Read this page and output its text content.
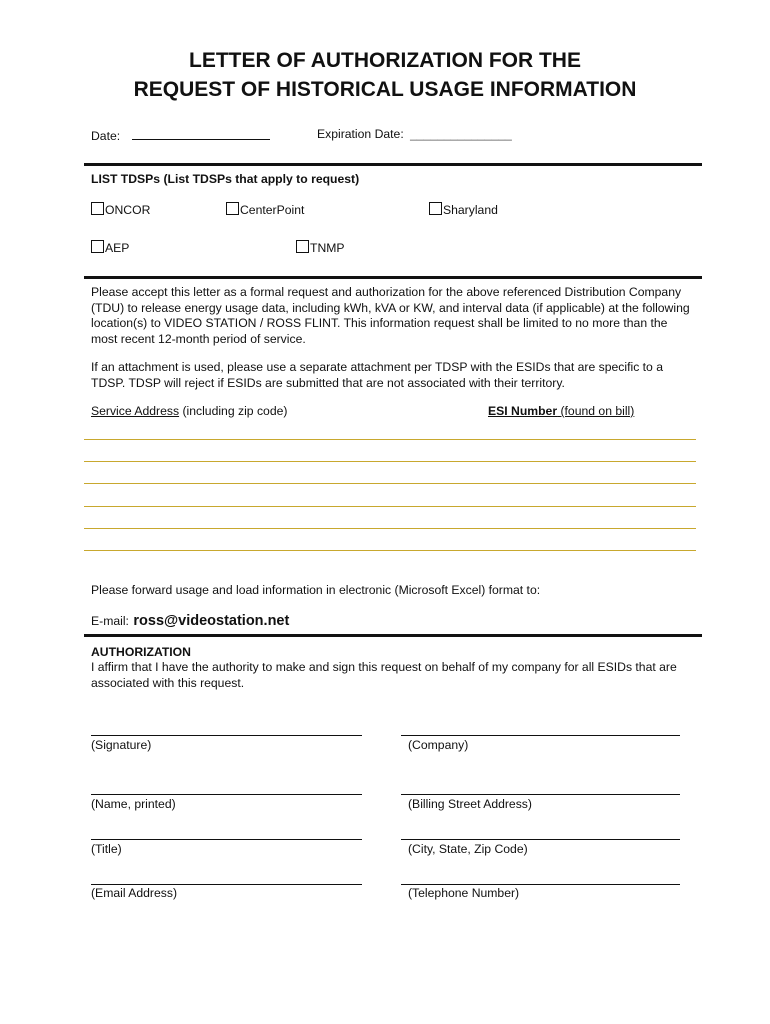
LETTER OF AUTHORIZATION FOR THE
REQUEST OF HISTORICAL USAGE INFORMATION
Date:	Expiration Date: _______________
LIST TDSPs (List TDSPs that apply to request)
ONCOR	CenterPoint	Sharyland
AEP	TNMP
Please accept this letter as a formal request and authorization for the above referenced Distribution Company (TDU) to release energy usage data, including kWh, kVA or KW, and interval data (if applicable) at the following location(s) to VIDEO STATION / ROSS FLINT. This information request shall be limited to no more than the most recent 12-month period of service.
If an attachment is used, please use a separate attachment per TDSP with the ESIDs that are specific to a TDSP. TDSP will reject if ESIDs are submitted that are not associated with their territory.
Service Address (including zip code)	ESI Number (found on bill)
Please forward usage and load information in electronic (Microsoft Excel) format to:
E-mail: ross@videostation.net
AUTHORIZATION
I affirm that I have the authority to make and sign this request on behalf of my company for all ESIDs that are associated with this request.
(Signature)	(Company)
(Name, printed)	(Billing Street Address)
(Title)	(City, State, Zip Code)
(Email Address)	(Telephone Number)
